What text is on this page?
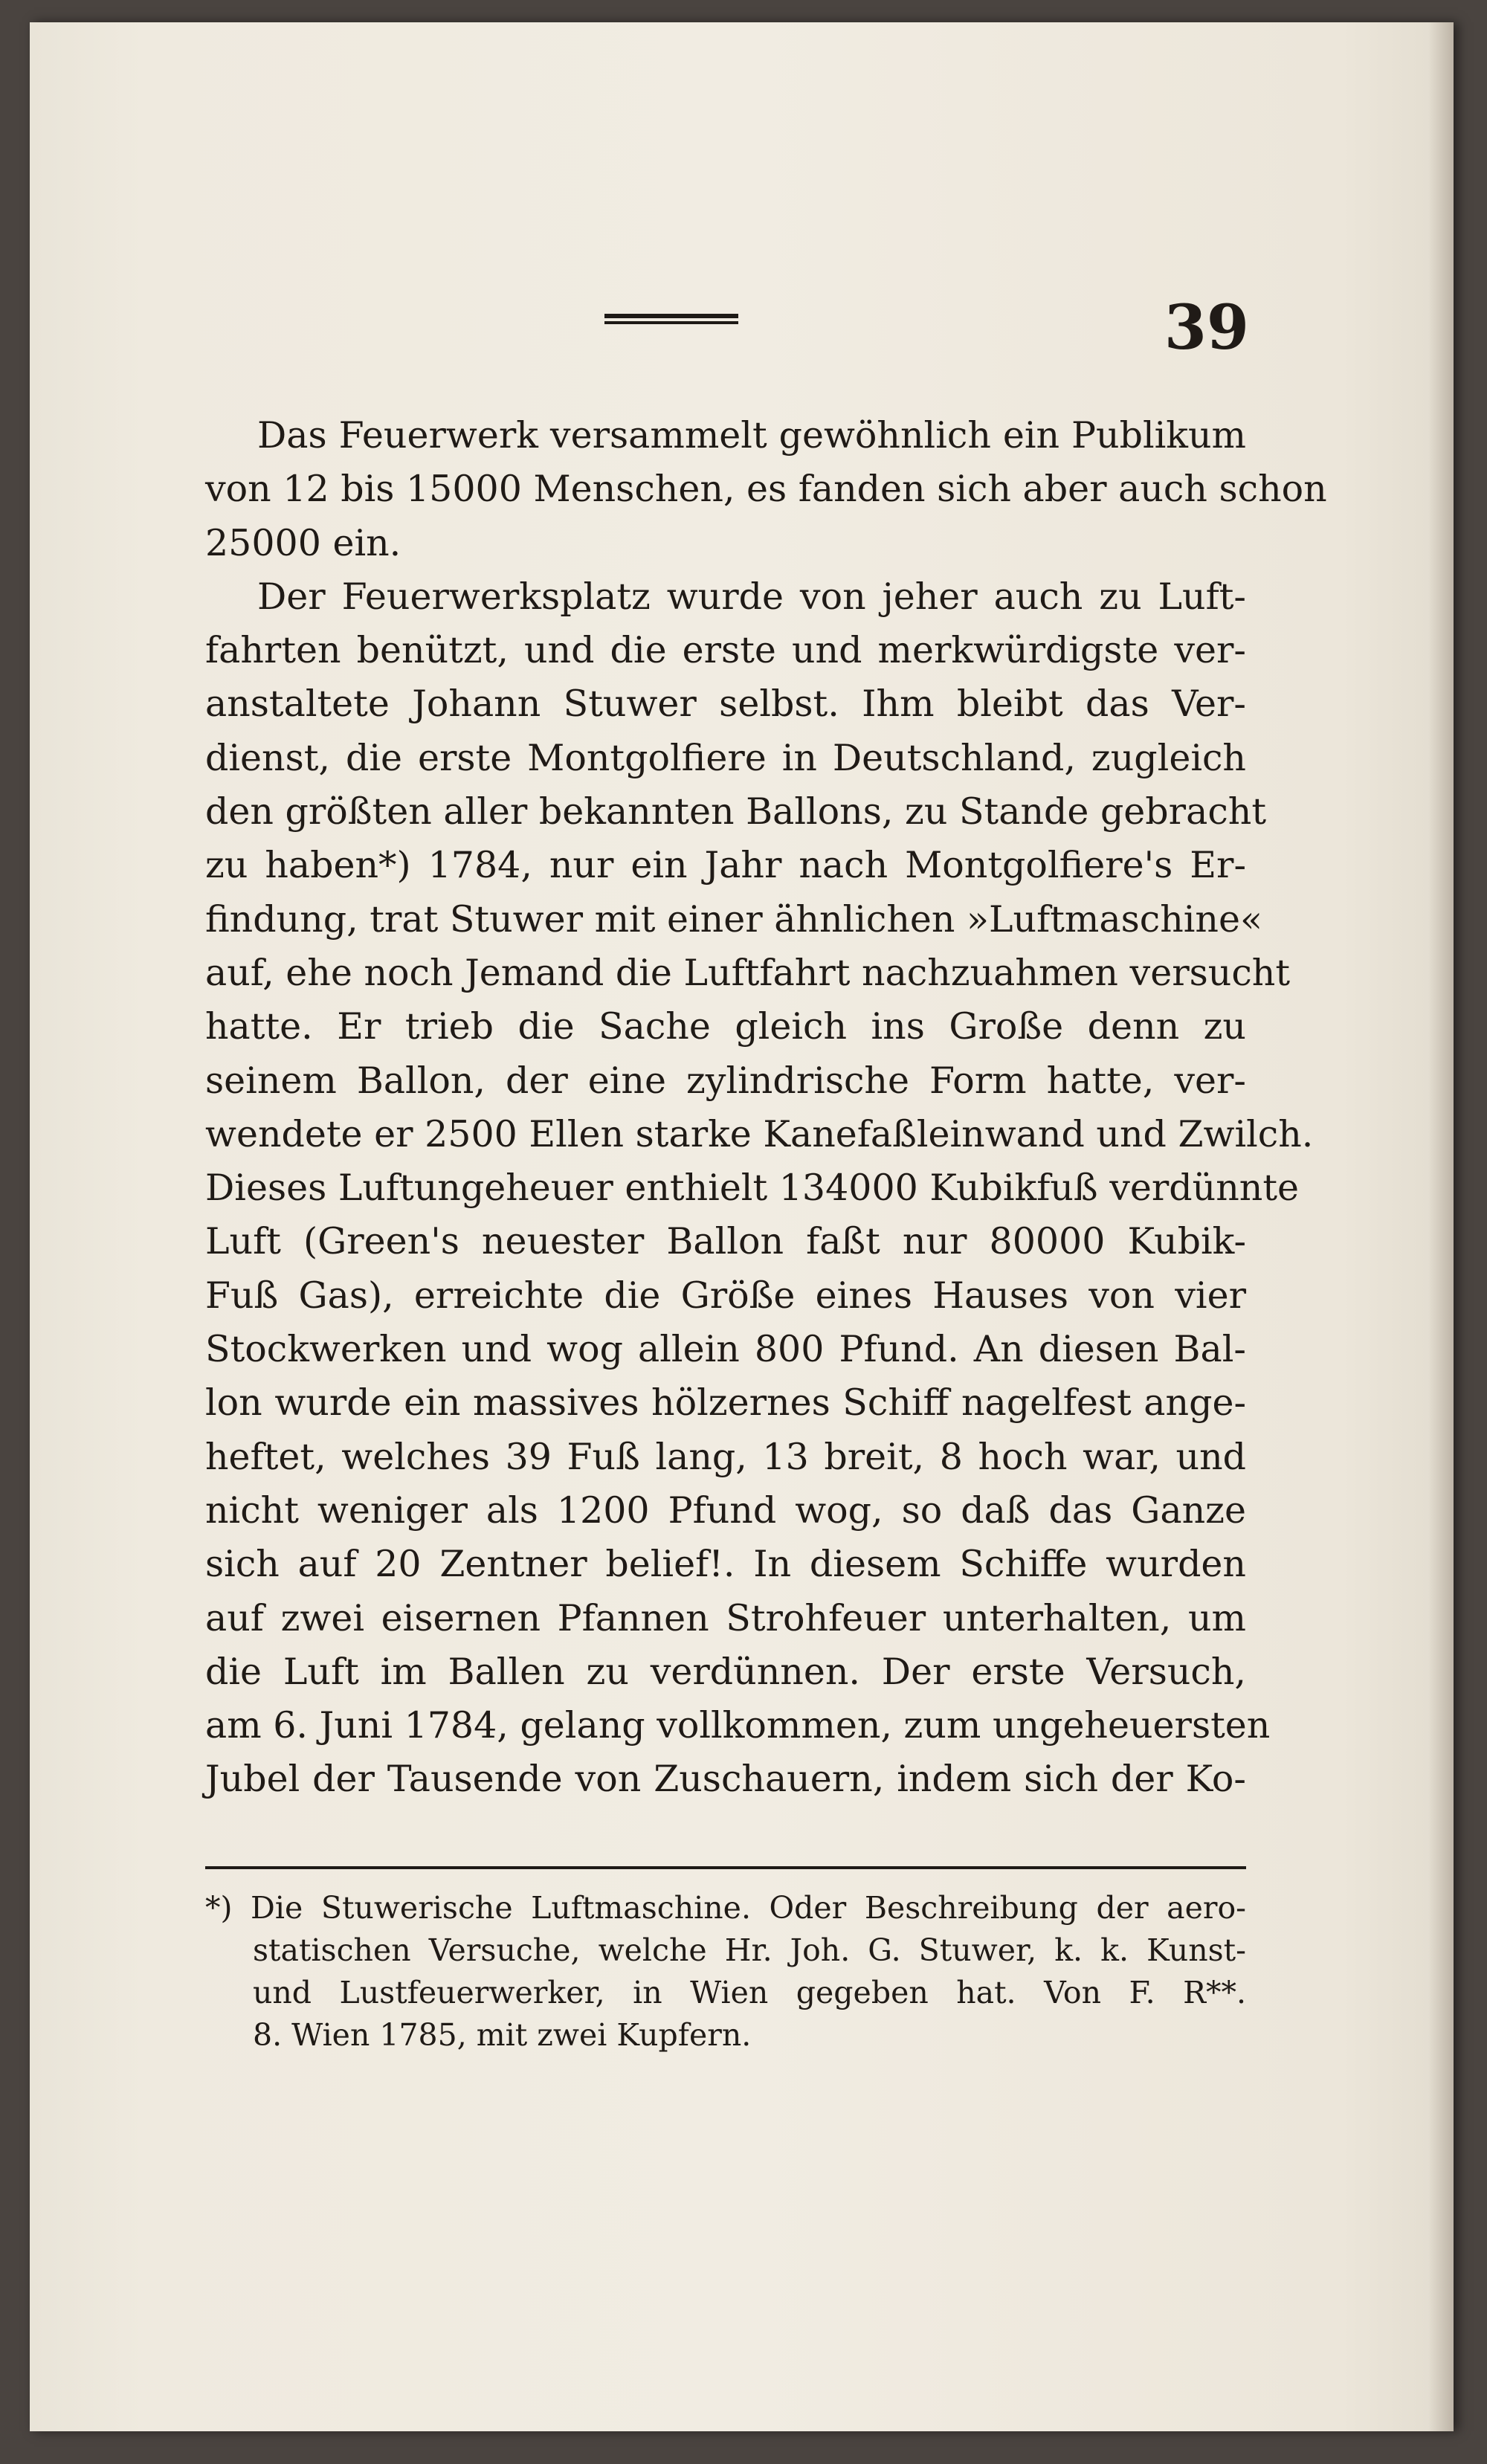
39
Das Feuerwerk versammelt gewöhnlich ein Publikum
von 12 bis 15000 Menschen, es fanden sich aber auch schon
25000 ein.
Der Feuerwerksplatz wurde von jeher auch zu Luft-
fahrten benützt, und die erste und merkwürdigste ver-
anstaltete Johann Stuwer selbst. Ihm bleibt das Ver-
dienst, die erste Montgolfiere in Deutschland, zugleich
den größten aller bekannten Ballons, zu Stande gebracht
zu haben*) 1784, nur ein Jahr nach Montgolfiere's Er-
findung, trat Stuwer mit einer ähnlichen »Luftmaschine«
auf, ehe noch Jemand die Luftfahrt nachzuahmen versucht
hatte. Er trieb die Sache gleich ins Große denn zu
seinem Ballon, der eine zylindrische Form hatte, ver-
wendete er 2500 Ellen starke Kanefaßleinwand und Zwilch.
Dieses Luftungeheuer enthielt 134000 Kubikfuß verdünnte
Luft (Green's neuester Ballon faßt nur 80000 Kubik-
Fuß Gas), erreichte die Größe eines Hauses von vier
Stockwerken und wog allein 800 Pfund. An diesen Bal-
lon wurde ein massives hölzernes Schiff nagelfest ange-
heftet, welches 39 Fuß lang, 13 breit, 8 hoch war, und
nicht weniger als 1200 Pfund wog, so daß das Ganze
sich auf 20 Zentner belief!. In diesem Schiffe wurden
auf zwei eisernen Pfannen Strohfeuer unterhalten, um
die Luft im Ballen zu verdünnen. Der erste Versuch,
am 6. Juni 1784, gelang vollkommen, zum ungeheuersten
Jubel der Tausende von Zuschauern, indem sich der Ko-
*) Die Stuwerische Luftmaschine. Oder Beschreibung der aero-
statischen Versuche, welche Hr. Joh. G. Stuwer, k. k. Kunst-
und Lustfeuerwerker, in Wien gegeben hat. Von F. R**.
8. Wien 1785, mit zwei Kupfern.
